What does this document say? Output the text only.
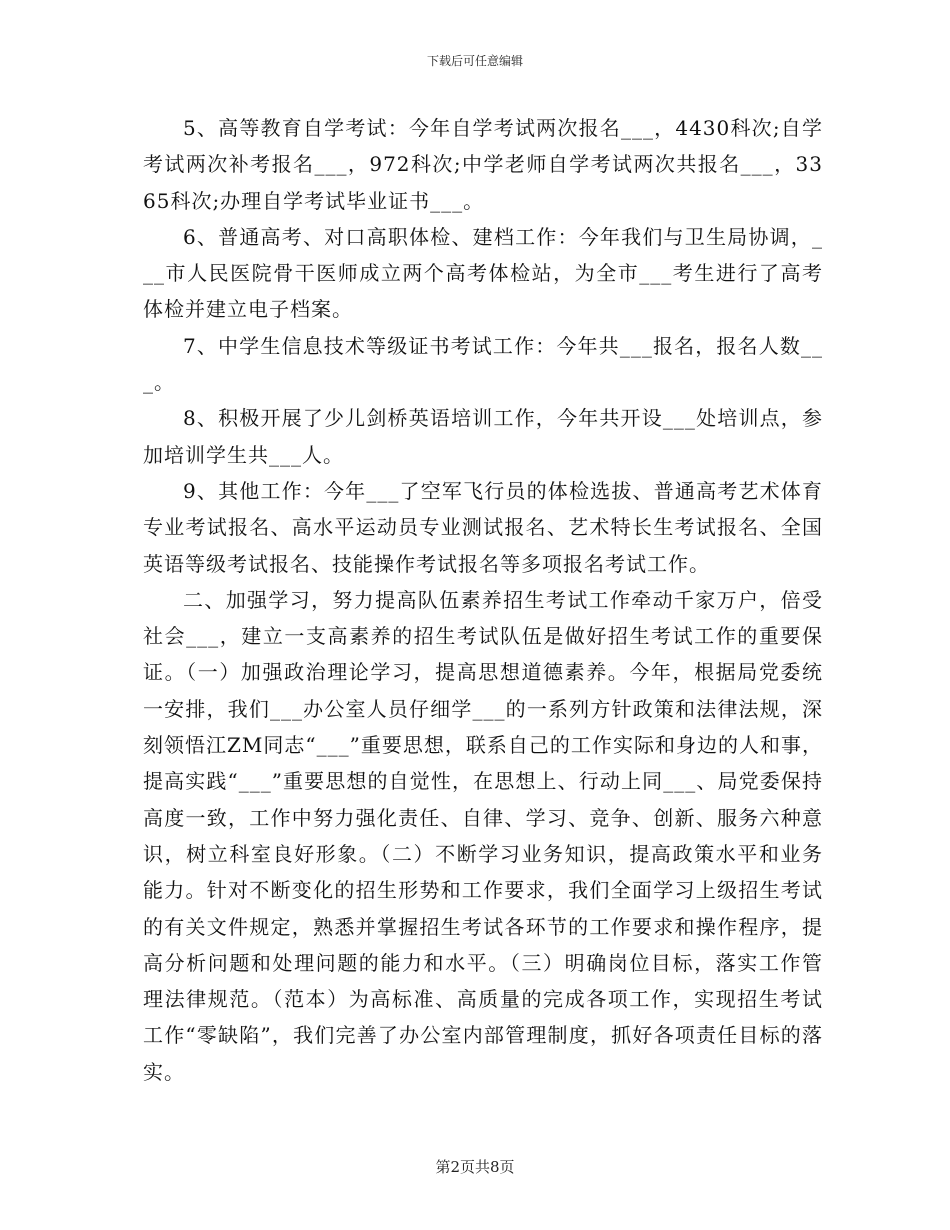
下载后可任意编辑

5、高等教育自学考试：今年自学考试两次报名___，4430科次;自学考试两次补考报名___，972科次;中学老师自学考试两次共报名___，3365科次;办理自学考试毕业证书___。

6、普通高考、对口高职体检、建档工作：今年我们与卫生局协调，___市人民医院骨干医师成立两个高考体检站，为全市___考生进行了高考体检并建立电子档案。

7、中学生信息技术等级证书考试工作：今年共___报名，报名人数___。

8、积极开展了少儿剑桥英语培训工作，今年共开设___处培训点，参加培训学生共___人。

9、其他工作：今年___了空军飞行员的体检选拔、普通高考艺术体育专业考试报名、高水平运动员专业测试报名、艺术特长生考试报名、全国英语等级考试报名、技能操作考试报名等多项报名考试工作。

二、加强学习，努力提高队伍素养招生考试工作牵动千家万户，倍受社会___，建立一支高素养的招生考试队伍是做好招生考试工作的重要保证。（一）加强政治理论学习，提高思想道德素养。今年，根据局党委统一安排，我们___办公室人员仔细学___的一系列方针政策和法律法规，深刻领悟江ZM同志“___”重要思想，联系自己的工作实际和身边的人和事，提高实践“___”重要思想的自觉性，在思想上、行动上同___、局党委保持高度一致，工作中努力强化责任、自律、学习、竞争、创新、服务六种意识，树立科室良好形象。（二）不断学习业务知识，提高政策水平和业务能力。针对不断变化的招生形势和工作要求，我们全面学习上级招生考试的有关文件规定，熟悉并掌握招生考试各环节的工作要求和操作程序，提高分析问题和处理问题的能力和水平。（三）明确岗位目标，落实工作管理法律规范。（范本）为高标准、高质量的完成各项工作，实现招生考试工作“零缺陷”，我们完善了办公室内部管理制度，抓好各项责任目标的落实。

第2页共8页
